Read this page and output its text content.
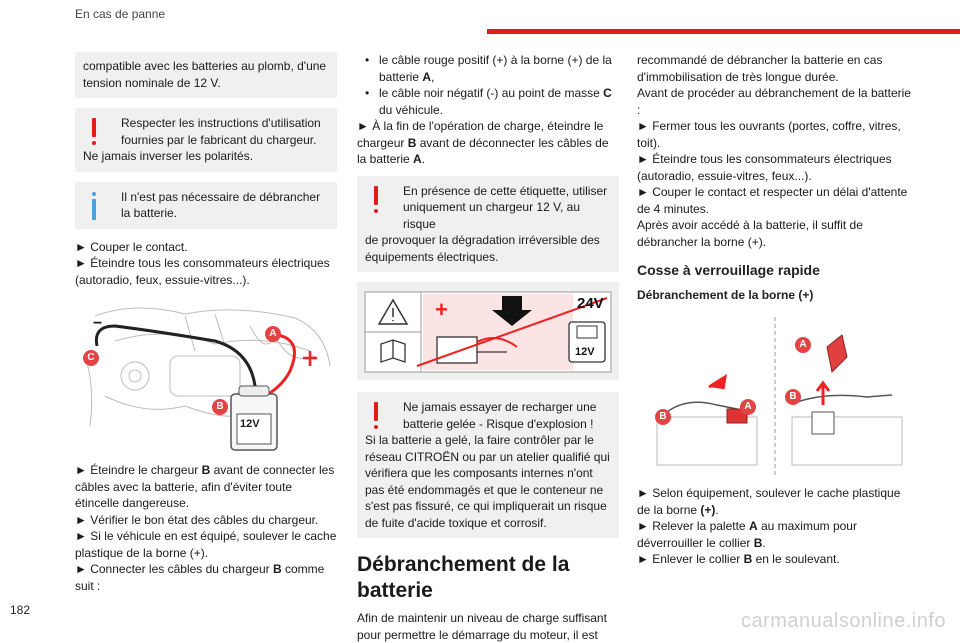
En cas de panne

compatible avec les batteries au plomb, d'une tension nominale de 12 V.

Respecter les instructions d'utilisation fournies par le fabricant du chargeur.

Ne jamais inverser les polarités.

Il n'est pas nécessaire de débrancher la batterie.

► Couper le contact.

► Éteindre tous les consommateurs électriques (autoradio, feux, essuie-vitres...).

A
B
C
−
12V

► Éteindre le chargeur B avant de connecter les câbles avec la batterie, afin d'éviter toute étincelle dangereuse.

► Vérifier le bon état des câbles du chargeur.

► Si le véhicule en est équipé, soulever le cache plastique de la borne (+).

► Connecter les câbles du chargeur B comme suit :

• le câble rouge positif (+) à la borne (+) de la batterie A,
• le câble noir négatif (-) au point de masse C du véhicule.

► À la fin de l'opération de charge, éteindre le chargeur B avant de déconnecter les câbles de la batterie A.

En présence de cette étiquette, utiliser uniquement un chargeur 12 V, au risque

de provoquer la dégradation irréversible des équipements électriques.

+	24V
12V
Ne jamais essayer de recharger une batterie gelée - Risque d'explosion !

Si la batterie a gelé, la faire contrôler par le réseau CITROËN ou par un atelier qualifié qui vérifiera que les composants internes n'ont pas été endommagés et que le conteneur ne s'est pas fissuré, ce qui impliquerait un risque de fuite d'acide toxique et corrosif.

Débranchement de la batterie

Afin de maintenir un niveau de charge suffisant pour permettre le démarrage du moteur, il est

recommandé de débrancher la batterie en cas d'immobilisation de très longue durée.

Avant de procéder au débranchement de la batterie :

► Fermer tous les ouvrants (portes, coffre, vitres, toit).

► Éteindre tous les consommateurs électriques (autoradio, essuie-vitres, feux...).

► Couper le contact et respecter un délai d'attente de 4 minutes.

Après avoir accédé à la batterie, il suffit de débrancher la borne (+).

Cosse à verrouillage rapide
Débranchement de la borne (+)
A
B
A
B

► Selon équipement, soulever le cache plastique de la borne (+).

► Relever la palette A au maximum pour déverrouiller le collier B.

► Enlever le collier B en le soulevant.

182	carmanualsonline.info
